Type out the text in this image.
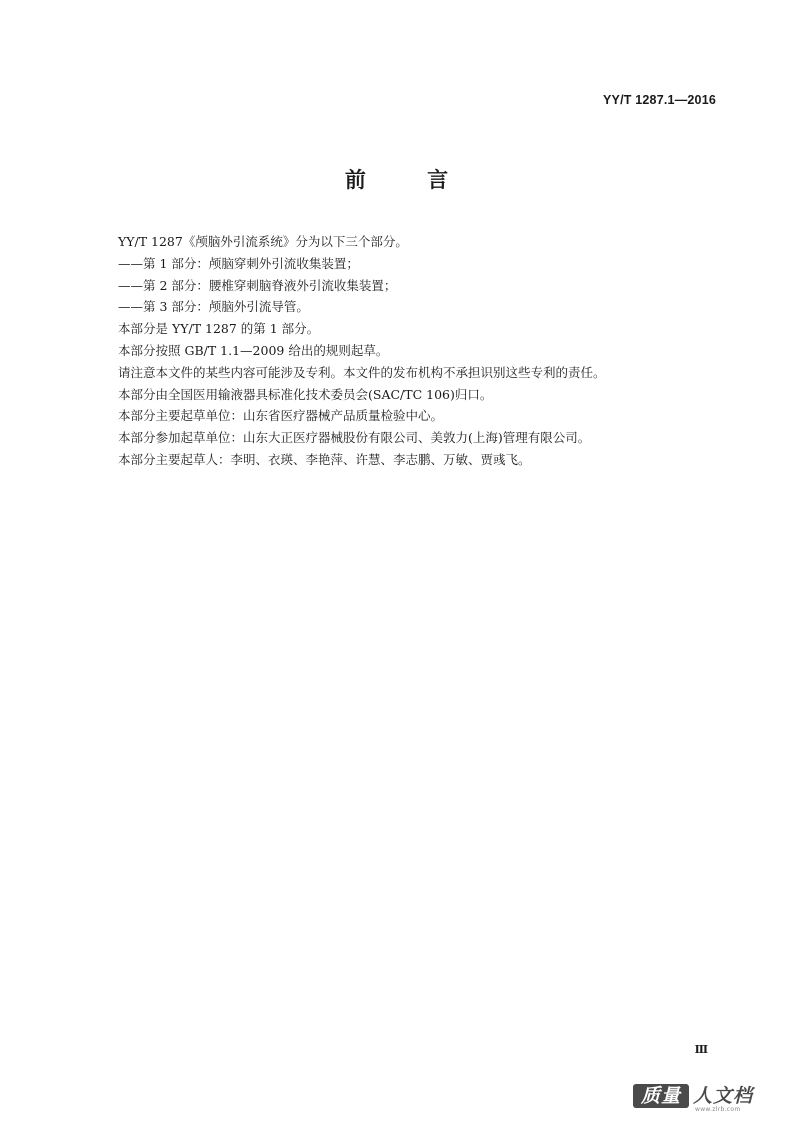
YY/T 1287.1—2016
前 言
YY/T 1287《颅脑外引流系统》分为以下三个部分。
——第 1 部分：颅脑穿刺外引流收集装置；
——第 2 部分：腰椎穿刺脑脊液外引流收集装置；
——第 3 部分：颅脑外引流导管。
本部分是 YY/T 1287 的第 1 部分。
本部分按照 GB/T 1.1—2009 给出的规则起草。
请注意本文件的某些内容可能涉及专利。本文件的发布机构不承担识别这些专利的责任。
本部分由全国医用输液器具标准化技术委员会(SAC/TC 106)归口。
本部分主要起草单位：山东省医疗器械产品质量检验中心。
本部分参加起草单位：山东大正医疗器械股份有限公司、美敦力(上海)管理有限公司。
本部分主要起草人：李明、衣瑛、李艳萍、许慧、李志鹏、万敏、贾彧飞。
Ⅲ
质量 人文档
www.zlrb.com
